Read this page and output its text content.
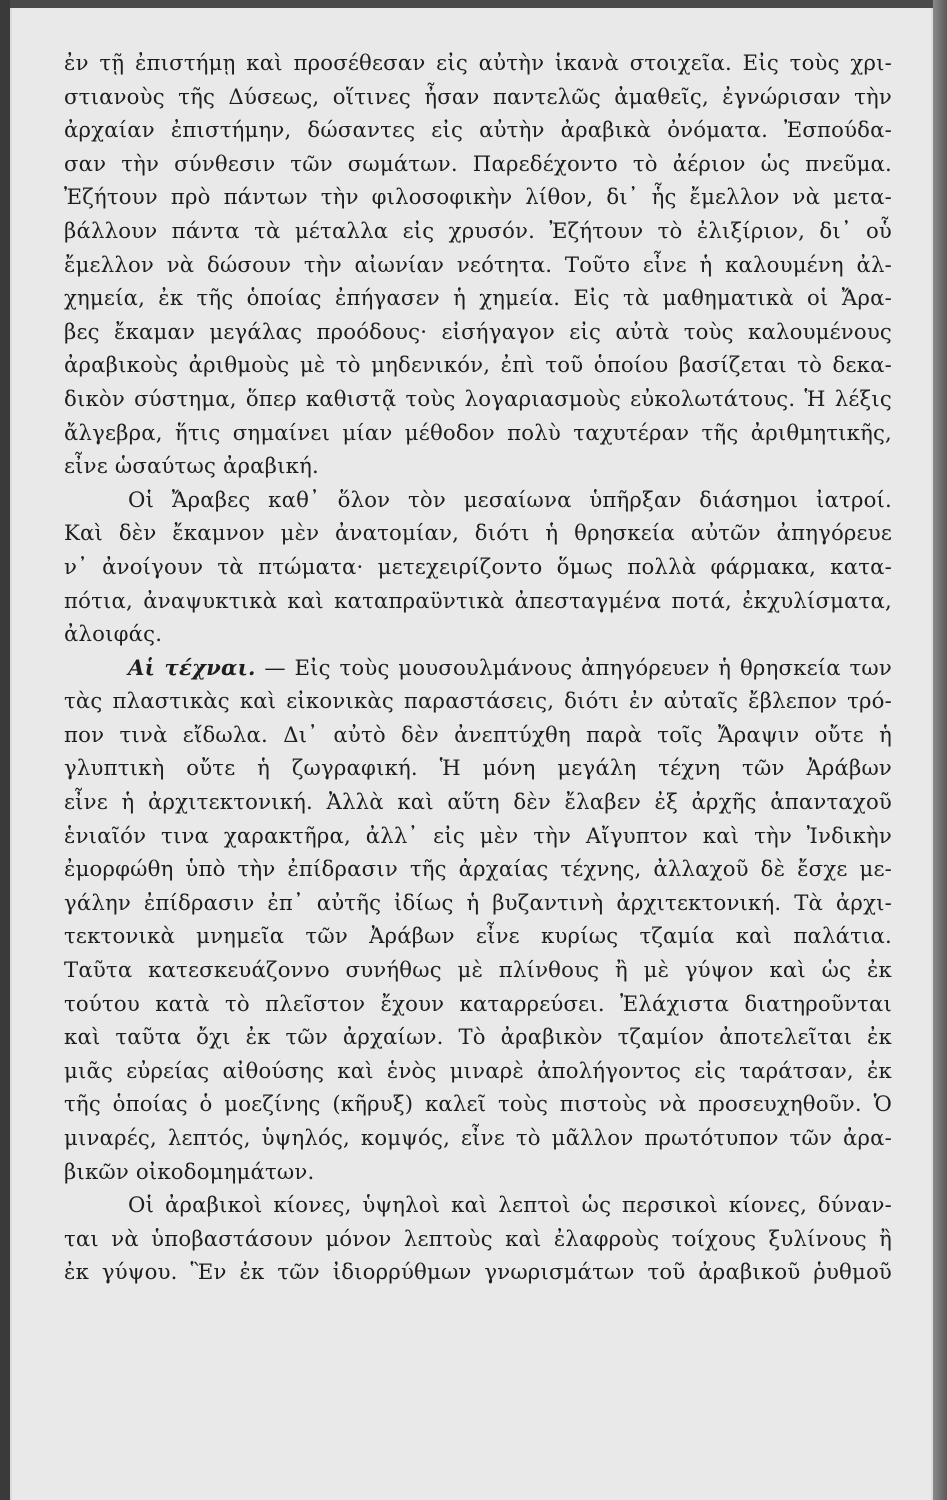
ἐν τῇ ἐπιστήμῃ καὶ προσέθεσαν εἰς αὐτὴν ἱκανὰ στοιχεῖα. Εἰς τοὺς χρι-
στιανοὺς τῆς Δύσεως, οἵτινες ἦσαν παντελῶς ἀμαθεῖς, ἐγνώρισαν τὴν
ἀρχαίαν ἐπιστήμην, δώσαντες εἰς αὐτὴν ἀραβικὰ ὀνόματα. Ἐσπούδα-
σαν τὴν σύνθεσιν τῶν σωμάτων. Παρεδέχοντο τὸ ἀέριον ὡς πνεῦμα.
Ἐζήτουν πρὸ πάντων τὴν φιλοσοφικὴν λίθον, δι᾽ ἧς ἔμελλον νὰ μετα-
βάλλουν πάντα τὰ μέταλλα εἰς χρυσόν. Ἐζήτουν τὸ ἐλιξίριον, δι᾽ οὗ
ἔμελλον νὰ δώσουν τὴν αἰωνίαν νεότητα. Τοῦτο εἶνε ἡ καλουμένη ἀλ-
χημεία, ἐκ τῆς ὁποίας ἐπήγασεν ἡ χημεία. Εἰς τὰ μαθηματικὰ οἱ Ἄρα-
βες ἔκαμαν μεγάλας προόδους· εἰσήγαγον εἰς αὐτὰ τοὺς καλουμένους
ἀραβικοὺς ἀριθμοὺς μὲ τὸ μηδενικόν, ἐπὶ τοῦ ὁποίου βασίζεται τὸ δεκα-
δικὸν σύστημα, ὅπερ καθιστᾷ τοὺς λογαριασμοὺς εὐκολωτάτους. Ἡ λέξις
ἄλγεβρα, ἥτις σημαίνει μίαν μέθοδον πολὺ ταχυτέραν τῆς ἀριθμητικῆς,
εἶνε ὡσαύτως ἀραβική.
Οἱ Ἄραβες καθ᾽ ὅλον τὸν μεσαίωνα ὑπῆρξαν διάσημοι ἰατροί.
Καὶ δὲν ἔκαμνον μὲν ἀνατομίαν, διότι ἡ θρησκεία αὐτῶν ἀπηγόρευε
ν᾽ ἀνοίγουν τὰ πτώματα· μετεχειρίζοντο ὅμως πολλὰ φάρμακα, κατα-
πότια, ἀναψυκτικὰ καὶ καταπραϋντικὰ ἀπεσταγμένα ποτά, ἐκχυλίσματα,
ἀλοιφάς.
Αἱ τέχναι. — Εἰς τοὺς μουσουλμάνους ἀπηγόρευεν ἡ θρησκεία των
τὰς πλαστικὰς καὶ εἰκονικὰς παραστάσεις, διότι ἐν αὐταῖς ἔβλεπον τρό-
πον τινὰ εἴδωλα. Δι᾽ αὐτὸ δὲν ἀνεπτύχθη παρὰ τοῖς Ἄραψιν οὔτε ἡ
γλυπτικὴ οὔτε ἡ ζωγραφική. Ἡ μόνη μεγάλη τέχνη τῶν Ἀράβων
εἶνε ἡ ἀρχιτεκτονική. Ἀλλὰ καὶ αὕτη δὲν ἔλαβεν ἐξ ἀρχῆς ἁπανταχοῦ
ἑνιαῖόν τινα χαρακτῆρα, ἀλλ᾽ εἰς μὲν τὴν Αἴγυπτον καὶ τὴν Ἰνδικὴν
ἐμορφώθη ὑπὸ τὴν ἐπίδρασιν τῆς ἀρχαίας τέχνης, ἀλλαχοῦ δὲ ἔσχε με-
γάλην ἐπίδρασιν ἐπ᾽ αὐτῆς ἰδίως ἡ βυζαντινὴ ἀρχιτεκτονική. Τὰ ἀρχι-
τεκτονικὰ μνημεῖα τῶν Ἀράβων εἶνε κυρίως τζαμία καὶ παλάτια.
Ταῦτα κατεσκευάζοννο συνήθως μὲ πλίνθους ἢ μὲ γύψον καὶ ὡς ἐκ
τούτου κατὰ τὸ πλεῖστον ἔχουν καταρρεύσει. Ἐλάχιστα διατηροῦνται
καὶ ταῦτα ὄχι ἐκ τῶν ἀρχαίων. Τὸ ἀραβικὸν τζαμίον ἀποτελεῖται ἐκ
μιᾶς εὐρείας αἰθούσης καὶ ἑνὸς μιναρὲ ἀπολήγοντος εἰς ταράτσαν, ἐκ
τῆς ὁποίας ὁ μοεζίνης (κῆρυξ) καλεῖ τοὺς πιστοὺς νὰ προσευχηθοῦν. Ὁ
μιναρές, λεπτός, ὑψηλός, κομψός, εἶνε τὸ μᾶλλον πρωτότυπον τῶν ἀρα-
βικῶν οἰκοδομημάτων.
Οἱ ἀραβικοὶ κίονες, ὑψηλοὶ καὶ λεπτοὶ ὡς περσικοὶ κίονες, δύναν-
ται νὰ ὑποβαστάσουν μόνον λεπτοὺς καὶ ἐλαφροὺς τοίχους ξυλίνους ἢ
ἐκ γύψου. Ἓν ἐκ τῶν ἰδιορρύθμων γνωρισμάτων τοῦ ἀραβικοῦ ῥυθμοῦ
